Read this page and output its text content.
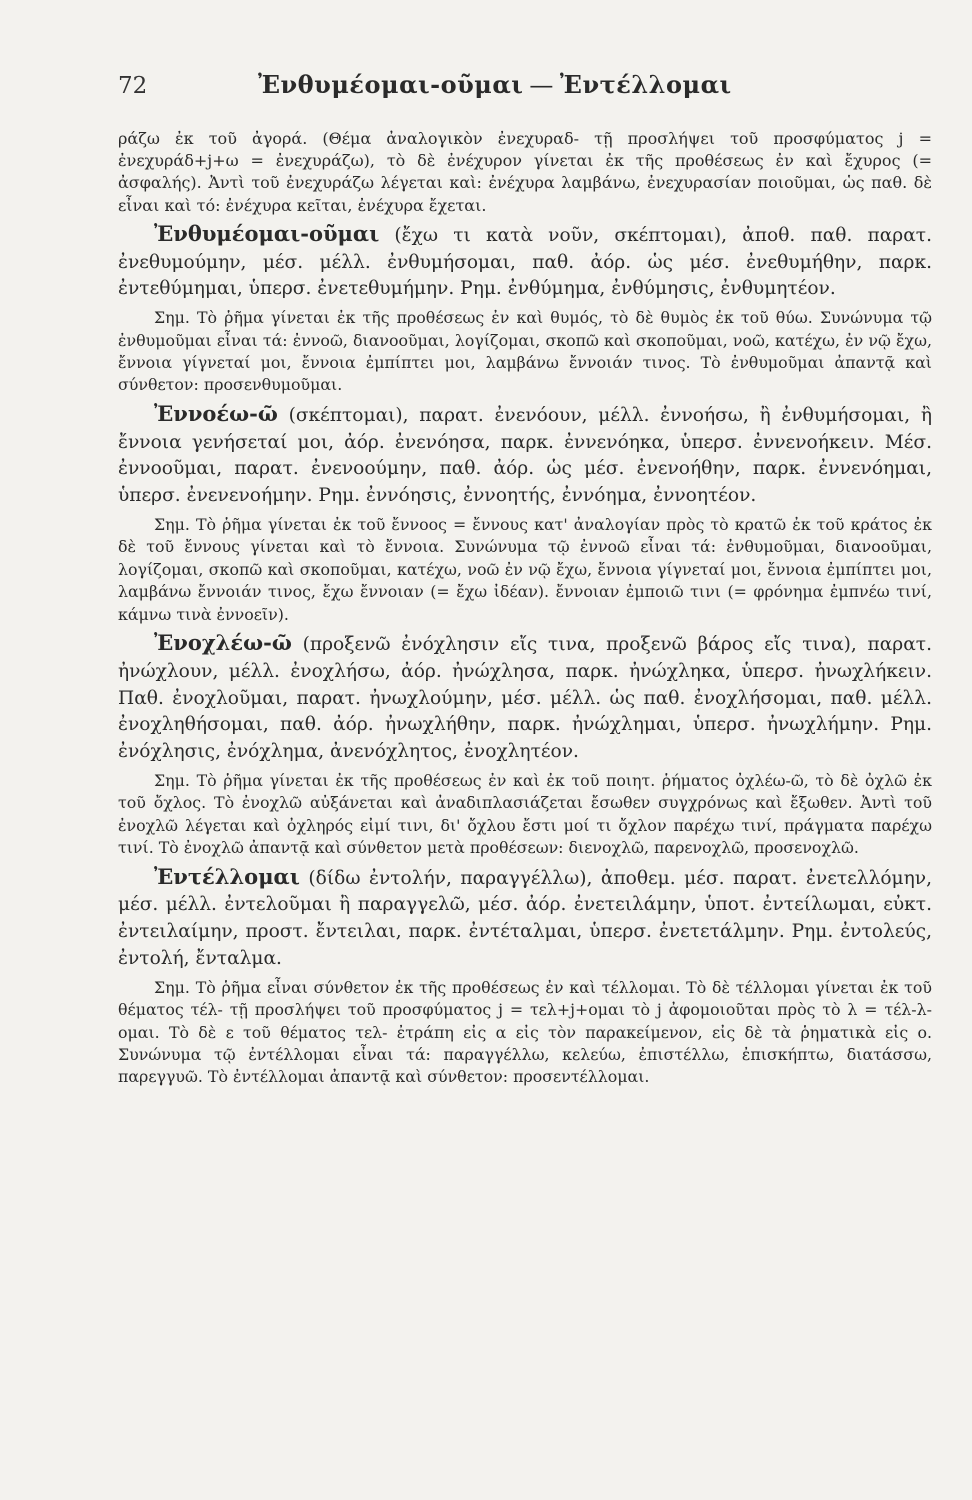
72	Ἐνθυμέομαι-οῦμαι — Ἐντέλλομαι

ράζω ἐκ τοῦ ἀγορά. (Θέμα ἀναλογικὸν ἐνεχυραδ- τῇ προσλήψει τοῦ προσφύματος j = ἐνεχυράδ+j+ω = ἐνεχυράζω), τὸ δὲ ἐνέχυρον γίνεται ἐκ τῆς προθέσεως ἐν καὶ ἔχυρος (= ἀσφαλής). Ἀντὶ τοῦ ἐνεχυράζω λέγεται καὶ: ἐνέχυρα λαμβάνω, ἐνεχυρασίαν ποιοῦμαι, ὡς παθ. δὲ εἶναι καὶ τό: ἐνέχυρα κεῖται, ἐνέχυρα ἔχεται.

Ἐνθυμέομαι-οῦμαι (ἔχω τι κατὰ νοῦν, σκέπτομαι), ἀποθ. παθ. παρατ. ἐνεθυμούμην, μέσ. μέλλ. ἐνθυμήσομαι, παθ. ἀόρ. ὡς μέσ. ἐνεθυμήθην, παρκ. ἐντεθύμημαι, ὑπερσ. ἐνετεθυμήμην. Ρημ. ἐνθύμημα, ἐνθύμησις, ἐνθυμητέον.

Σημ. Τὸ ῥῆμα γίνεται ἐκ τῆς προθέσεως ἐν καὶ θυμός, τὸ δὲ θυμὸς ἐκ τοῦ θύω. Συνώνυμα τῷ ἐνθυμοῦμαι εἶναι τά: ἐννοῶ, διανοοῦμαι, λογίζομαι, σκοπῶ καὶ σκοποῦμαι, νοῶ, κατέχω, ἐν νῷ ἔχω, ἔννοια γίγνεταί μοι, ἔννοια ἐμπίπτει μοι, λαμβάνω ἔννοιάν τινος. Τὸ ἐνθυμοῦμαι ἀπαντᾷ καὶ σύνθετον: προσενθυμοῦμαι.

Ἐννοέω-ῶ (σκέπτομαι), παρατ. ἐνενόουν, μέλλ. ἐννοήσω, ἢ ἐνθυμήσομαι, ἢ ἔννοια γενήσεταί μοι, ἀόρ. ἐνενόησα, παρκ. ἐννενόηκα, ὑπερσ. ἐννενοήκειν. Μέσ. ἐννοοῦμαι, παρατ. ἐνενοούμην, παθ. ἀόρ. ὡς μέσ. ἐνενοήθην, παρκ. ἐννενόημαι, ὑπερσ. ἐνενενοήμην. Ρημ. ἐννόησις, ἐννοητής, ἐννόημα, ἐννοητέον.

Σημ. Τὸ ῥῆμα γίνεται ἐκ τοῦ ἔννοος = ἔννους κατ' ἀναλογίαν πρὸς τὸ κρατῶ ἐκ τοῦ κράτος ἐκ δὲ τοῦ ἔννους γίνεται καὶ τὸ ἔννοια. Συνώνυμα τῷ ἐννοῶ εἶναι τά: ἐνθυμοῦμαι, διανοοῦμαι, λογίζομαι, σκοπῶ καὶ σκοποῦμαι, κατέχω, νοῶ ἐν νῷ ἔχω, ἔννοια γίγνεταί μοι, ἔννοια ἐμπίπτει μοι, λαμβάνω ἔννοιάν τινος, ἔχω ἔννοιαν (= ἔχω ἰδέαν). ἔννοιαν ἐμποιῶ τινι (= φρόνημα ἐμπνέω τινί, κάμνω τινὰ ἐννοεῖν).

Ἐνοχλέω-ῶ (προξενῶ ἐνόχλησιν εἴς τινα, προξενῶ βάρος εἴς τινα), παρατ. ἠνώχλουν, μέλλ. ἐνοχλήσω, ἀόρ. ἠνώχλησα, παρκ. ἠνώχληκα, ὑπερσ. ἠνωχλήκειν. Παθ. ἐνοχλοῦμαι, παρατ. ἠνωχλούμην, μέσ. μέλλ. ὡς παθ. ἐνοχλήσομαι, παθ. μέλλ. ἐνοχληθήσομαι, παθ. ἀόρ. ἠνωχλήθην, παρκ. ἠνώχλημαι, ὑπερσ. ἠνωχλήμην. Ρημ. ἐνόχλησις, ἐνόχλημα, ἀνενόχλητος, ἐνοχλητέον.

Σημ. Τὸ ῥῆμα γίνεται ἐκ τῆς προθέσεως ἐν καὶ ἐκ τοῦ ποιητ. ῥήματος ὀχλέω-ῶ, τὸ δὲ ὀχλῶ ἐκ τοῦ ὄχλος. Τὸ ἐνοχλῶ αὐξάνεται καὶ ἀναδιπλασιάζεται ἔσωθεν συγχρόνως καὶ ἔξωθεν. Ἀντὶ τοῦ ἐνοχλῶ λέγεται καὶ ὀχληρός εἰμί τινι, δι' ὄχλου ἔστι μοί τι ὄχλον παρέχω τινί, πράγματα παρέχω τινί. Τὸ ἐνοχλῶ ἀπαντᾷ καὶ σύνθετον μετὰ προθέσεων: διενοχλῶ, παρενοχλῶ, προσενοχλῶ.

Ἐντέλλομαι (δίδω ἐντολήν, παραγγέλλω), ἀποθεμ. μέσ. παρατ. ἐνετελλόμην, μέσ. μέλλ. ἐντελοῦμαι ἢ παραγγελῶ, μέσ. ἀόρ. ἐνετειλάμην, ὑποτ. ἐντείλωμαι, εὐκτ. ἐντειλαίμην, προστ. ἔντειλαι, παρκ. ἐντέταλμαι, ὑπερσ. ἐνετετάλμην. Ρημ. ἐντολεύς, ἐντολή, ἔνταλμα.

Σημ. Τὸ ῥῆμα εἶναι σύνθετον ἐκ τῆς προθέσεως ἐν καὶ τέλλομαι. Τὸ δὲ τέλλομαι γίνεται ἐκ τοῦ θέματος τέλ- τῇ προσλήψει τοῦ προσφύματος j = τελ+j+ομαι τὸ j ἀφομοιοῦται πρὸς τὸ λ = τέλ-λ-ομαι. Τὸ δὲ ε τοῦ θέματος τελ- ἐτράπη εἰς α εἰς τὸν παρακείμενον, εἰς δὲ τὰ ῥηματικὰ εἰς ο. Συνώνυμα τῷ ἐντέλλομαι εἶναι τά: παραγγέλλω, κελεύω, ἐπιστέλλω, ἐπισκήπτω, διατάσσω, παρεγγυῶ. Τὸ ἐντέλλομαι ἀπαντᾷ καὶ σύνθετον: προσεντέλλομαι.
